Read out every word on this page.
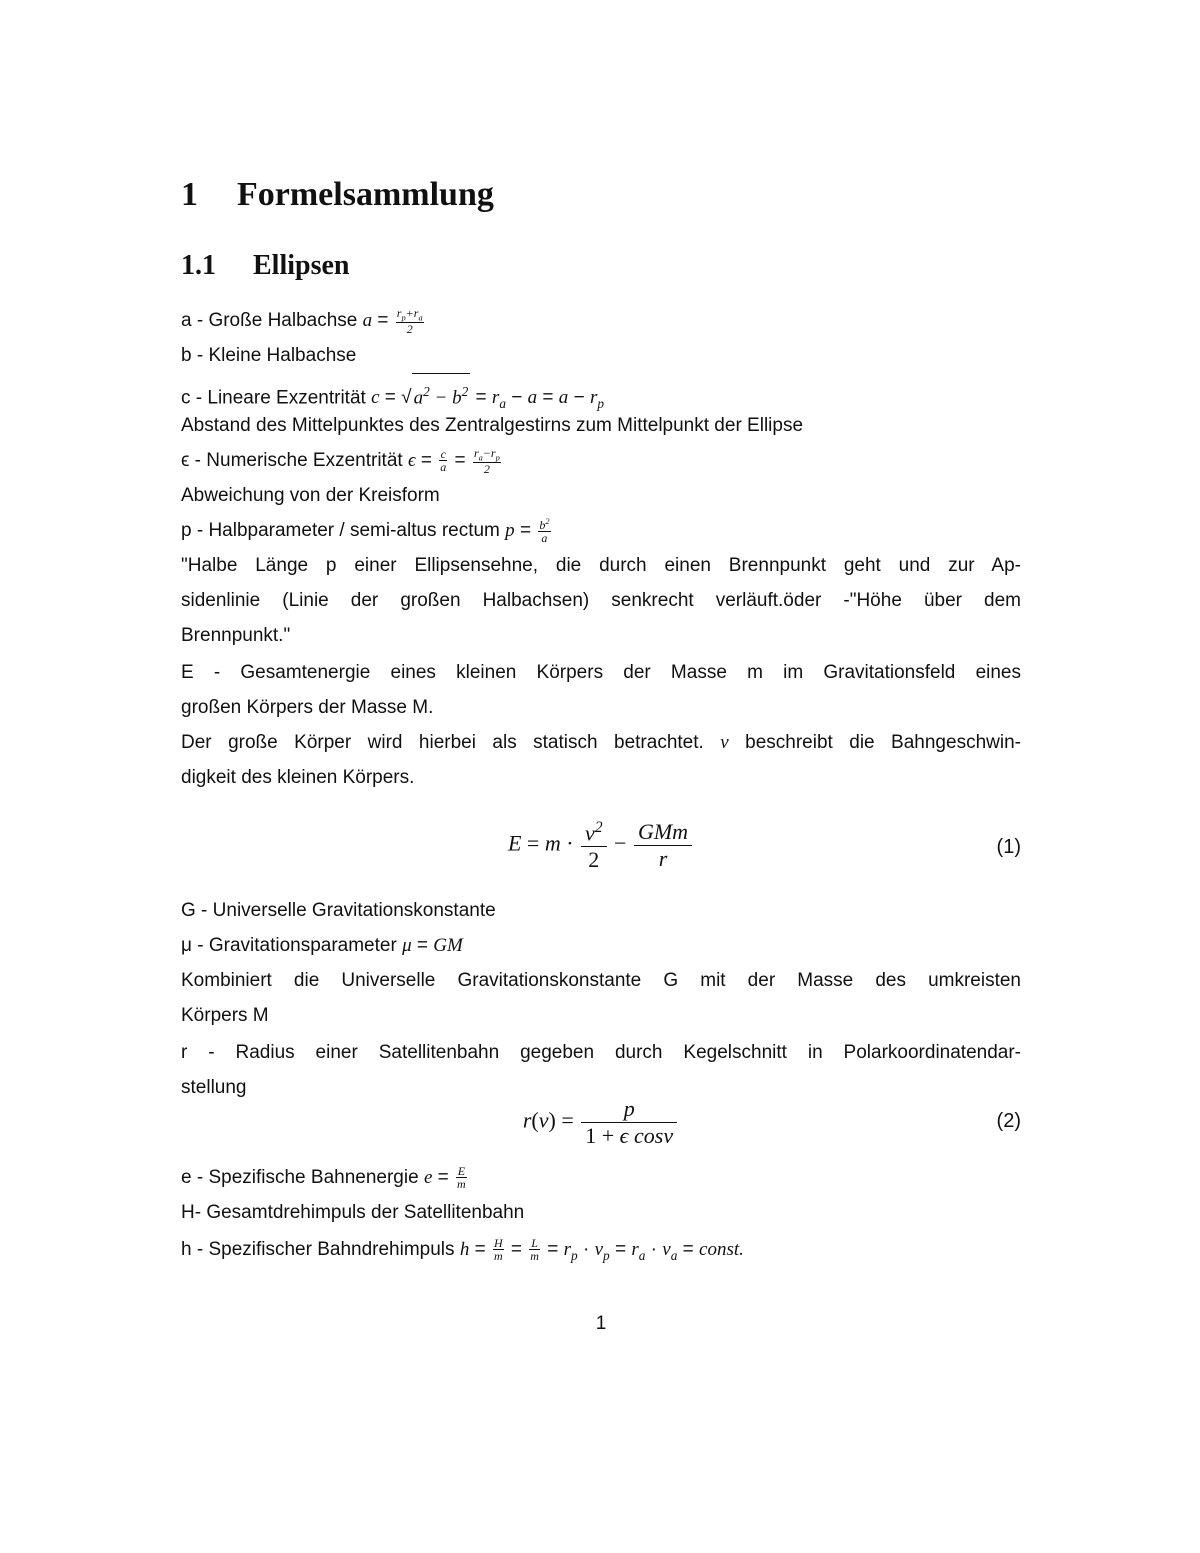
1 Formelsammlung
1.1 Ellipsen
a - Große Halbachse $a = \frac{r_p+r_a}{2}$
b - Kleine Halbachse
c - Lineare Exzentrität c = √ $a^2 - b^2 = r_a - a = a - r_p$
Abstand des Mittelpunktes des Zentralgestirns zum Mittelpunkt der Ellipse
ϵ - Numerische Exzentrität $\epsilon = \frac{c}{a} = \frac{r_a-r_p}{2}$
Abweichung von der Kreisform
p - Halbparameter / semi-altus rectum $p = \frac{b^2}{a}$
"Halbe Länge p einer Ellipsensehne, die durch einen Brennpunkt geht und zur Ap-
sidenlinie (Linie der großen Halbachsen) senkrecht verläuft.öder -"Höhe über dem
Brennpunkt."
E - Gesamtenergie eines kleinen Körpers der Masse m im Gravitationsfeld eines
großen Körpers der Masse M.
Der große Körper wird hierbei als statisch betrachtet. v beschreibt die Bahngeschwin-
digkeit des kleinen Körpers.
$E = m \cdot \frac{v^2}{2} - \frac{\text{GMm}}{r}$	(1)
G - Universelle Gravitationskonstante
μ - Gravitationsparameter μ = GM
Kombiniert die Universelle Gravitationskonstante G mit der Masse des umkreisten
Körpers M
r - Radius einer Satellitenbahn gegeben durch Kegelschnitt in Polarkoordinatendar-
stellung
$r(\nu) = \frac{p}{\text{1 + ϵ cosν}}$	(2)
e - Spezifische Bahnenergie $e = \frac{E}{m}$
H- Gesamtdrehimpuls der Satellitenbahn
h - Spezifischer Bahndrehimpuls $h = \frac{H}{m} = \frac{L}{m} = r_p \cdot v_p = r_a \cdot v_a$ = const.
1
